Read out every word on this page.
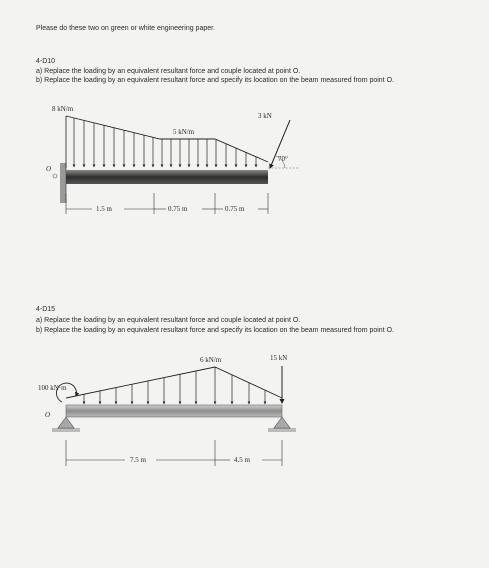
Please do these two on green or white engineering paper.
4-D10
a) Replace the loading by an equivalent resultant force and couple located at point O.
b) Replace the loading by an equivalent resultant force and specify its location on the beam measured from point O.
4-D15
a) Replace the loading by an equivalent resultant force and couple located at point O.
b) Replace the loading by an equivalent resultant force and specify its location on the beam measured from point O.
8 kN/m
5 kN/m
3 kN
70°
O
1.5 m	0.75 m	0.75 m
6 kN/m	15 kN
100 kN·m
O
7.5 m	4.5 m
